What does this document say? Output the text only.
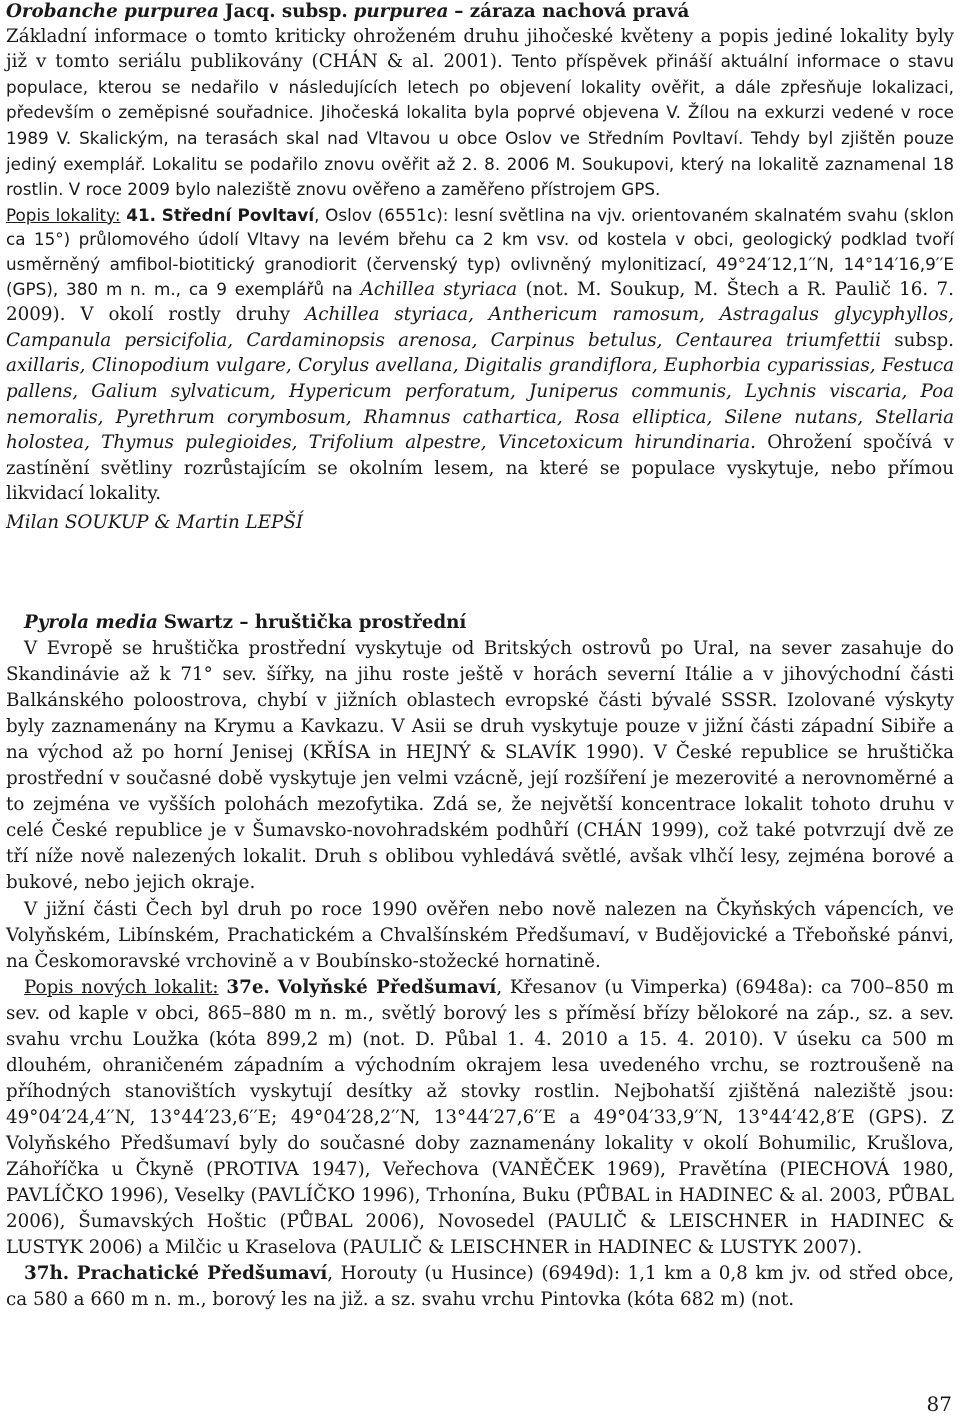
Orobanche purpurea Jacq. subsp. purpurea – záraza nachová pravá

Základní informace o tomto kriticky ohroženém druhu jihočeské květeny a popis jediné lokality byly již v tomto seriálu publikovány (CHÁN & al. 2001). Tento příspěvek přináší aktuální informace o stavu populace, kterou se nedařilo v následujících letech po objevení lokality ověřit, a dále zpřesňuje lokalizaci, především o zeměpisné souřadnice. Jihočeská lokalita byla poprvé objevena V. Žílou na exkurzi vedené v roce 1989 V. Skalickým, na terasách skal nad Vltavou u obce Oslov ve Středním Povltaví. Tehdy byl zjištěn pouze jediný exemplář. Lokalitu se podařilo znovu ověřit až 2. 8. 2006 M. Soukupovi, který na lokalitě zaznamenal 18 rostlin. V roce 2009 bylo naleziště znovu ověřeno a zaměřeno přístrojem GPS.

Popis lokality: 41. Střední Povltaví, Oslov (6551c): lesní světlina na vjv. orientovaném skalnatém svahu (sklon ca 15°) průlomového údolí Vltavy na levém břehu ca 2 km vsv. od kostela v obci, geologický podklad tvoří usměrněný amfibol-biotitický granodiorit (červenský typ) ovlivněný mylonitizací, 49°24′12,1′′N, 14°14′16,9′′E (GPS), 380 m n. m., ca 9 exemplářů na Achillea styriaca (not. M. Soukup, M. Štech a R. Paulič 16. 7. 2009). V okolí rostly druhy Achillea styriaca, Anthericum ramosum, Astragalus glycyphyllos, Campanula persicifolia, Cardaminopsis arenosa, Carpinus betulus, Centaurea triumfettii subsp. axillaris, Clinopodium vulgare, Corylus avellana, Digitalis grandiflora, Euphorbia cyparissias, Festuca pallens, Galium sylvaticum, Hypericum perforatum, Juniperus communis, Lychnis viscaria, Poa nemoralis, Pyrethrum corymbosum, Rhamnus cathartica, Rosa elliptica, Silene nutans, Stellaria holostea, Thymus pulegioides, Trifolium alpestre, Vincetoxicum hirundinaria. Ohrožení spočívá v zastínění světliny rozrůstajícím se okolním lesem, na které se populace vyskytuje, nebo přímou likvidací lokality.

Milan SOUKUP & Martin LEPŠÍ

Pyrola media Swartz – hruštička prostřední

V Evropě se hruštička prostřední vyskytuje od Britských ostrovů po Ural, na sever zasahuje do Skandinávie až k 71° sev. šířky, na jihu roste ještě v horách severní Itálie a v jihovýchodní části Balkánského poloostrova, chybí v jižních oblastech evropské části bývalé SSSR. Izolované výskyty byly zaznamenány na Krymu a Kavkazu. V Asii se druh vyskytuje pouze v jižní části západní Sibiře a na východ až po horní Jenisej (KŘÍSA in HEJNÝ & SLAVÍK 1990). V České republice se hruštička prostřední v současné době vyskytuje jen velmi vzácně, její rozšíření je mezerovité a nerovnoměrné a to zejména ve vyšších polohách mezofytika. Zdá se, že největší koncentrace lokalit tohoto druhu v celé České republice je v Šumavsko-novohradském podhůří (CHÁN 1999), což také potvrzují dvě ze tří níže nově nalezených lokalit. Druh s oblibou vyhledává světlé, avšak vlhčí lesy, zejména borové a bukové, nebo jejich okraje.

V jižní části Čech byl druh po roce 1990 ověřen nebo nově nalezen na Čkyňských vápencích, ve Volyňském, Libínském, Prachatickém a Chvalšínském Předšumaví, v Budějovické a Třeboňské pánvi, na Českomoravské vrchovině a v Boubínsko-stožecké hornatině.

Popis nových lokalit: 37e. Volyňské Předšumaví, Křesanov (u Vimperka) (6948a): ca 700–850 m sev. od kaple v obci, 865–880 m n. m., světlý borový les s příměsí břízy bělokoré na záp., sz. a sev. svahu vrchu Loužka (kóta 899,2 m) (not. D. Půbal 1. 4. 2010 a 15. 4. 2010). V úseku ca 500 m dlouhém, ohraničeném západním a východním okrajem lesa uvedeného vrchu, se roztroušeně na příhodných stanovištích vyskytují desítky až stovky rostlin. Nejbohatší zjištěná naleziště jsou: 49°04′24,4′′N, 13°44′23,6′′E; 49°04′28,2′′N, 13°44′27,6′′E a 49°04′33,9′′N, 13°44′42,8′E (GPS). Z Volyňského Předšumaví byly do současné doby zaznamenány lokality v okolí Bohumilic, Krušlova, Záhoříčka u Čkyně (PROTIVA 1947), Veřechova (VANĚČEK 1969), Pravětína (PIECHOVÁ 1980, PAVLÍČKO 1996), Veselky (PAVLÍČKO 1996), Trhonína, Buku (PŮBAL in HADINEC & al. 2003, PŮBAL 2006), Šumavských Hoštic (PŮBAL 2006), Novosedel (PAULIČ & LEISCHNER in HADINEC & LUSTYK 2006) a Milčic u Kraselova (PAULIČ & LEISCHNER in HADINEC & LUSTYK 2007).

37h. Prachatické Předšumaví, Horouty (u Husince) (6949d): 1,1 km a 0,8 km jv. od střed obce, ca 580 a 660 m n. m., borový les na již. a sz. svahu vrchu Pintovka (kóta 682 m) (not.

87
